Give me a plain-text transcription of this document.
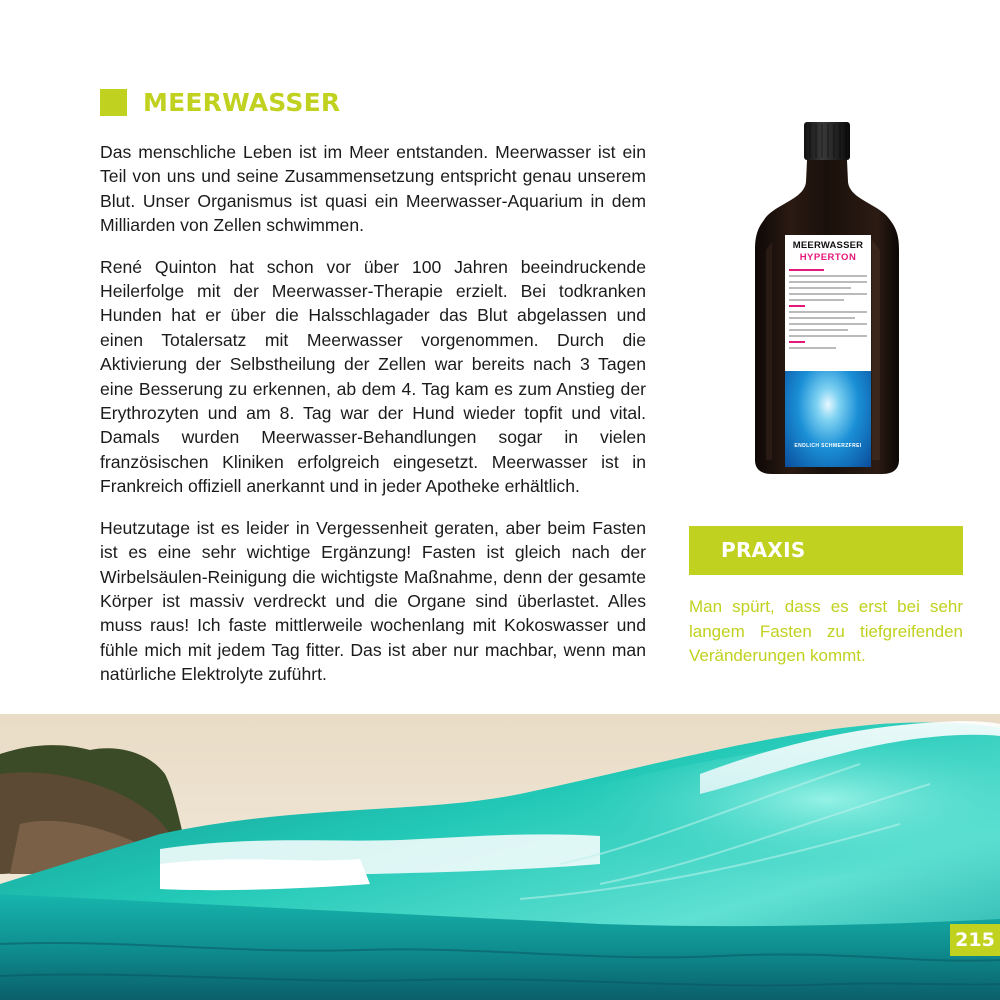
MEERWASSER

Das menschliche Leben ist im Meer entstanden. Meerwasser ist ein Teil von uns und seine Zusammensetzung entspricht genau unserem Blut. Unser Organismus ist quasi ein Meerwasser-Aquarium in dem Milliarden von Zellen schwimmen.

René Quinton hat schon vor über 100 Jahren beeindruckende Heilerfolge mit der Meerwasser-Therapie erzielt. Bei todkranken Hunden hat er über die Halsschlagader das Blut abgelassen und einen Totalersatz mit Meerwasser vorgenommen. Durch die Aktivierung der Selbstheilung der Zellen war bereits nach 3 Tagen eine Besserung zu erkennen, ab dem 4. Tag kam es zum Anstieg der Erythrozyten und am 8. Tag war der Hund wieder topfit und vital. Damals wurden Meerwasser-Behandlungen sogar in vielen französischen Kliniken erfolgreich eingesetzt. Meerwasser ist in Frankreich offiziell anerkannt und in jeder Apotheke erhältlich.

Heutzutage ist es leider in Vergessenheit geraten, aber beim Fasten ist es eine sehr wichtige Ergänzung! Fasten ist gleich nach der Wirbelsäulen-Reinigung die wichtigste Maßnahme, denn der gesamte Körper ist massiv verdreckt und die Organe sind überlastet. Alles muss raus! Ich faste mittlerweile wochenlang mit Kokoswasser und fühle mich mit jedem Tag fitter. Das ist aber nur machbar, wenn man natürliche Elektrolyte zuführt.

MEERWASSER
HYPERTON
ENDLICH SCHMERZFREI
PRAXIS

Man spürt, dass es erst bei sehr langem Fasten zu tiefgreifenden Veränderungen kommt.

215
